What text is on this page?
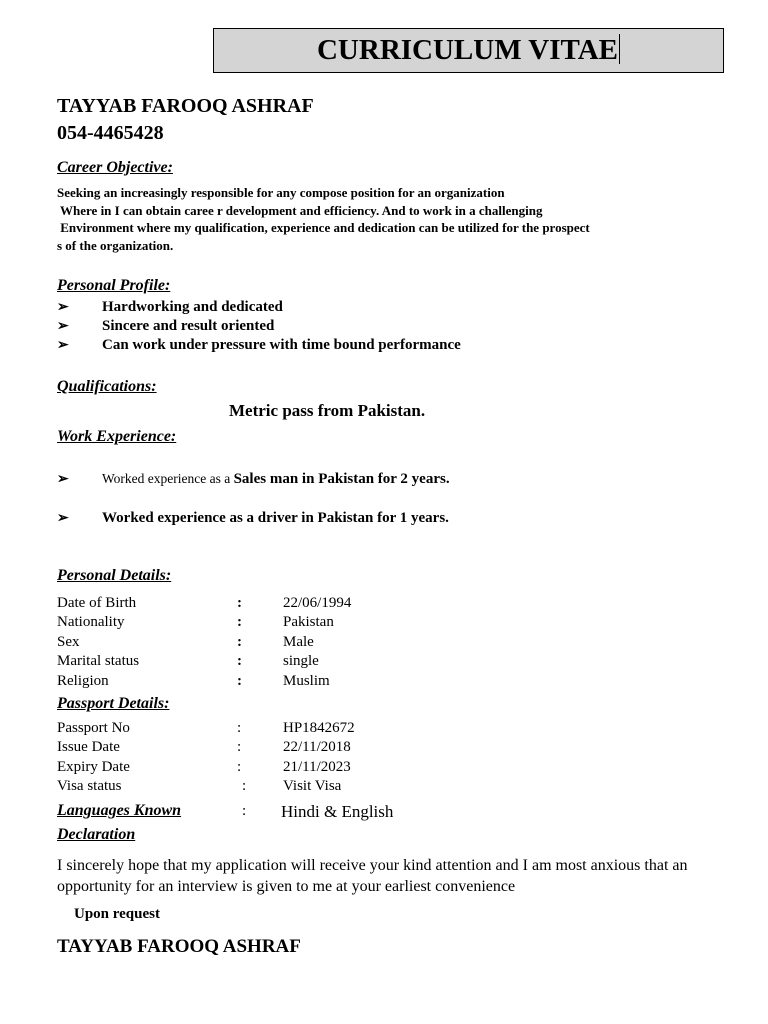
CURRICULUM VITAE
TAYYAB FAROOQ ASHRAF
054-4465428
Career Objective:
Seeking an increasingly responsible for any compose position for an organization
Where in I can obtain caree r development and efficiency. And to work in a challenging
Environment where my qualification, experience and dedication can be utilized for the prospect
s of the organization.
Personal Profile:
➢ Hardworking and dedicated
➢ Sincere and result oriented
➢ Can work under pressure with time bound performance
Qualifications:
Metric pass from Pakistan.
Work Experience:
➢ Worked experience as a Sales man in Pakistan for 2 years.
➢ Worked experience as a driver in Pakistan for 1 years.
Personal Details:
Date of Birth	:	22/06/1994
Nationality	:	Pakistan
Sex	:	Male
Marital status	:	single
Religion	:	Muslim
Passport Details:
Passport No	:	HP1842672
Issue Date	:	22/11/2018
Expiry Date	:	21/11/2023
Visa status	: Visit Visa
Languages Known	: Hindi & English
Declaration
I sincerely hope that my application will receive your kind attention and I am most anxious that an opportunity for an interview is given to me at your earliest convenience
Upon request
TAYYAB FAROOQ ASHRAF
